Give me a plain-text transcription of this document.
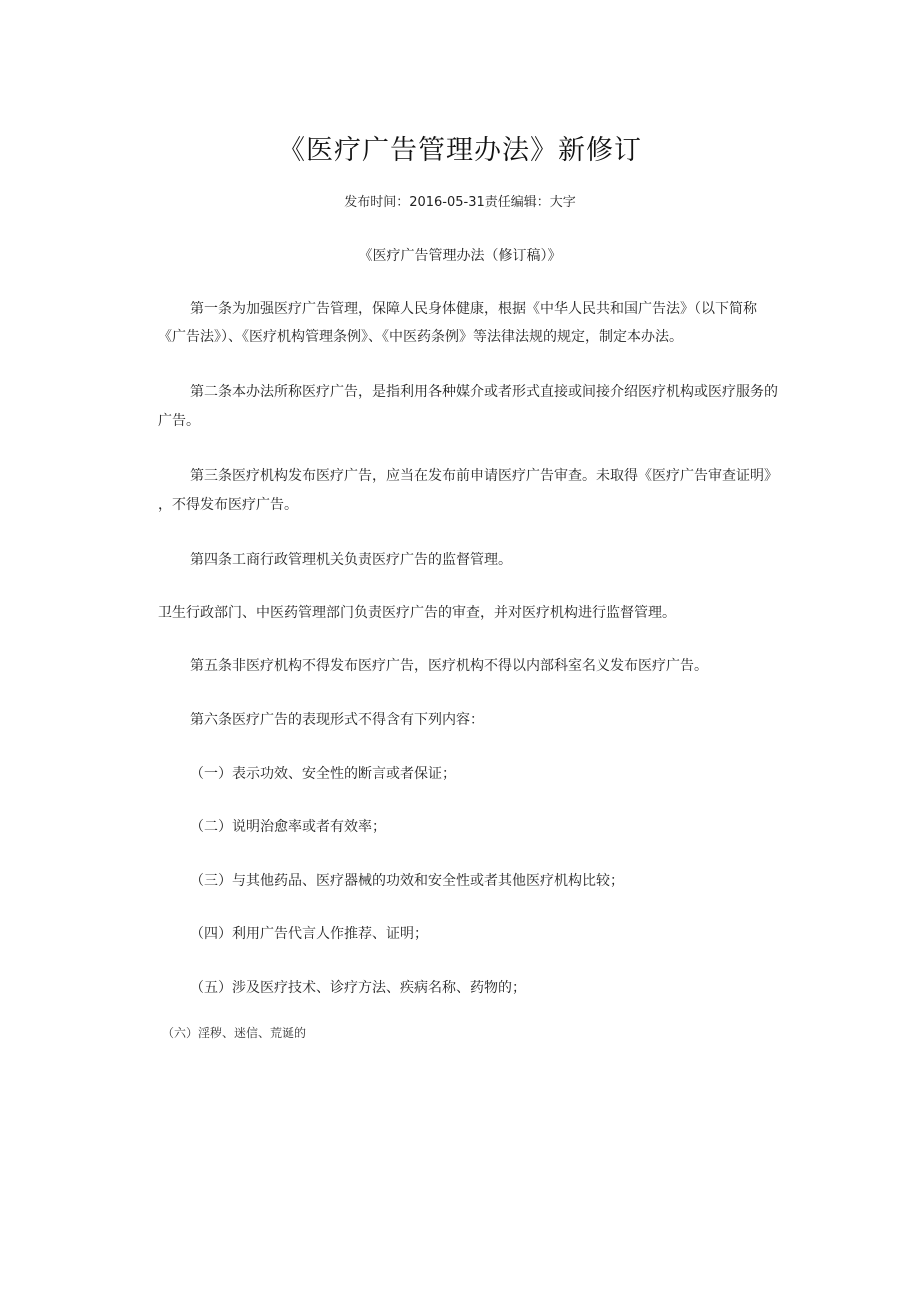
《医疗广告管理办法》新修订
发布时间：2016-05-31责任编辑：大字
《医疗广告管理办法（修订稿）》
第一条为加强医疗广告管理，保障人民身体健康，根据《中华人民共和国广告法》（以下简称
《广告法》）、《医疗机构管理条例》、《中医药条例》等法律法规的规定，制定本办法。
第二条本办法所称医疗广告，是指利用各种媒介或者形式直接或间接介绍医疗机构或医疗服务的
广告。
第三条医疗机构发布医疗广告，应当在发布前申请医疗广告审查。未取得《医疗广告审查证明》
，不得发布医疗广告。
第四条工商行政管理机关负责医疗广告的监督管理。
卫生行政部门、中医药管理部门负责医疗广告的审查，并对医疗机构进行监督管理。
第五条非医疗机构不得发布医疗广告，医疗机构不得以内部科室名义发布医疗广告。
第六条医疗广告的表现形式不得含有下列内容：
（一）表示功效、安全性的断言或者保证；
（二）说明治愈率或者有效率；
（三）与其他药品、医疗器械的功效和安全性或者其他医疗机构比较；
（四）利用广告代言人作推荐、证明；
（五）涉及医疗技术、诊疗方法、疾病名称、药物的；
（六）淫秽、迷信、荒诞的
